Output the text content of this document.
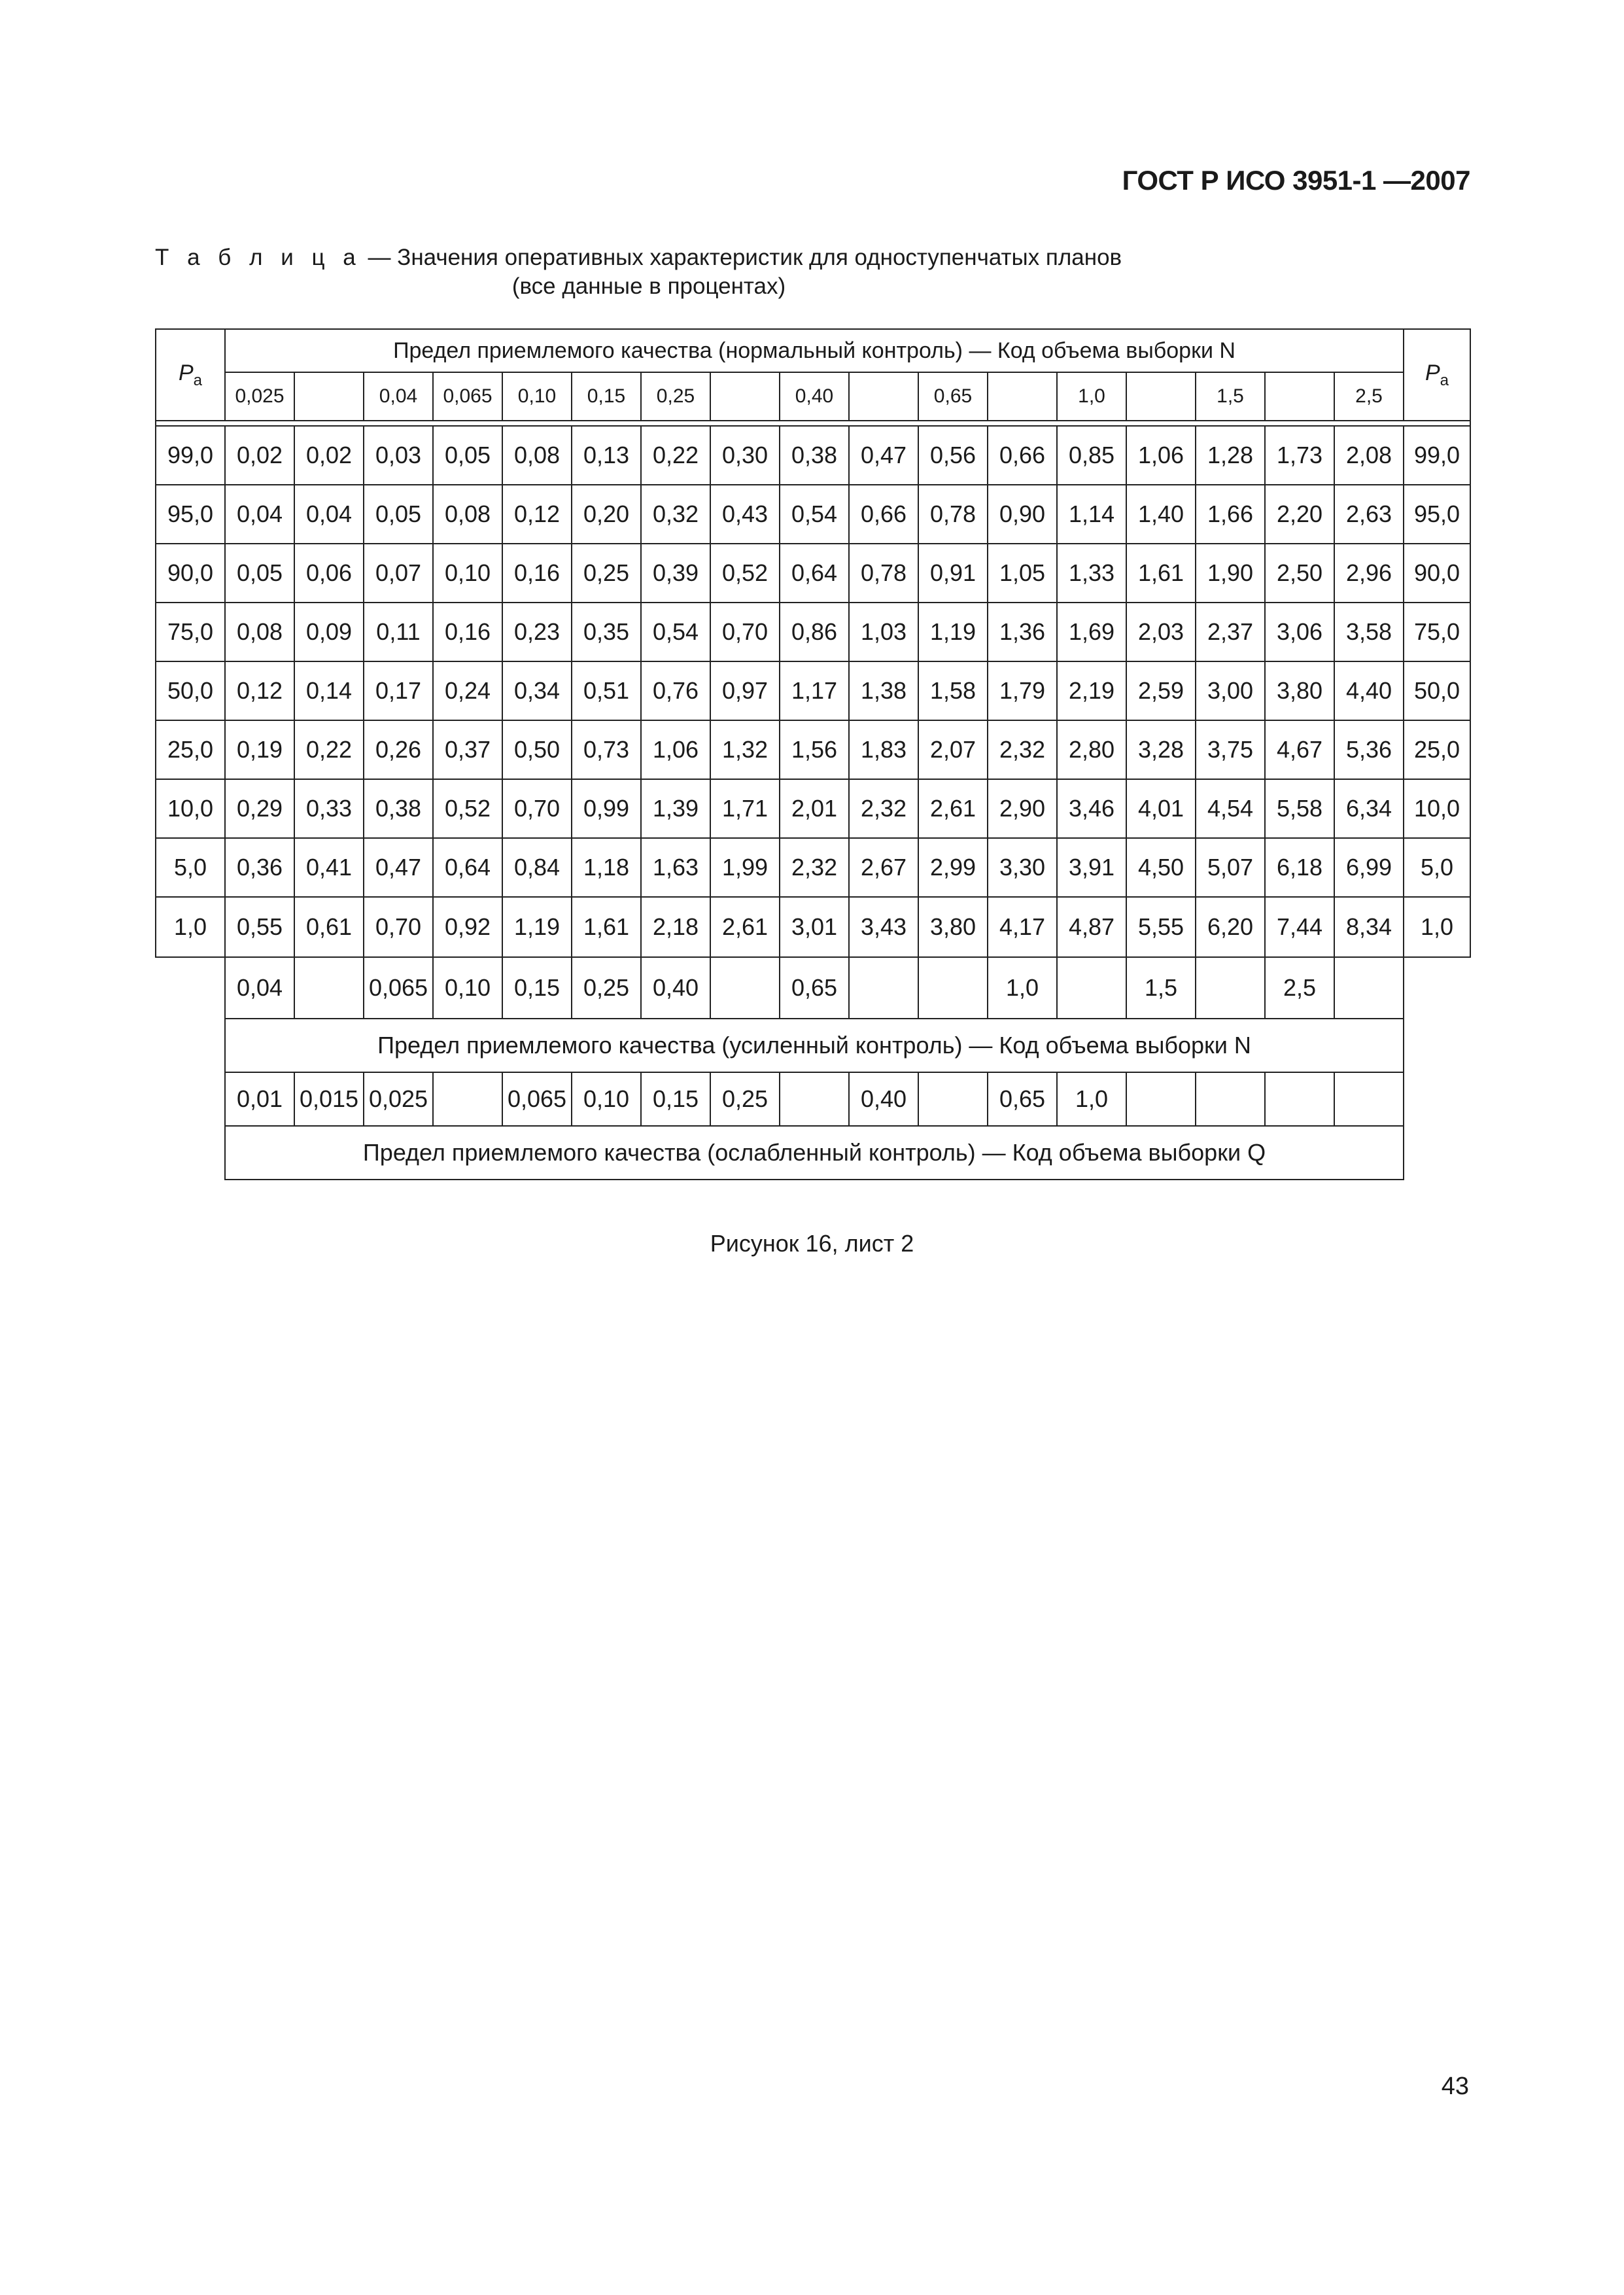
ГОСТ Р ИСО 3951-1 —2007
Т а б л и ц а — Значения оперативных характеристик для одноступенчатых планов
(все данные в процентах)
$P_a$	Предел приемлемого качества (нормальный контроль) — Код объема выборки N																	$P_a$
	0,025		0,04	0,065	0,10	0,15	0,25		0,40		0,65		1,0		1,5		2,5	

99,0	0,02	0,02	0,03	0,05	0,08	0,13	0,22	0,30	0,38	0,47	0,56	0,66	0,85	1,06	1,28	1,73	2,08	99,0
95,0	0,04	0,04	0,05	0,08	0,12	0,20	0,32	0,43	0,54	0,66	0,78	0,90	1,14	1,40	1,66	2,20	2,63	95,0
90,0	0,05	0,06	0,07	0,10	0,16	0,25	0,39	0,52	0,64	0,78	0,91	1,05	1,33	1,61	1,90	2,50	2,96	90,0
75,0	0,08	0,09	0,11	0,16	0,23	0,35	0,54	0,70	0,86	1,03	1,19	1,36	1,69	2,03	2,37	3,06	3,58	75,0
50,0	0,12	0,14	0,17	0,24	0,34	0,51	0,76	0,97	1,17	1,38	1,58	1,79	2,19	2,59	3,00	3,80	4,40	50,0
25,0	0,19	0,22	0,26	0,37	0,50	0,73	1,06	1,32	1,56	1,83	2,07	2,32	2,80	3,28	3,75	4,67	5,36	25,0
10,0	0,29	0,33	0,38	0,52	0,70	0,99	1,39	1,71	2,01	2,32	2,61	2,90	3,46	4,01	4,54	5,58	6,34	10,0
5,0	0,36	0,41	0,47	0,64	0,84	1,18	1,63	1,99	2,32	2,67	2,99	3,30	3,91	4,50	5,07	6,18	6,99	5,0
1,0	0,55	0,61	0,70	0,92	1,19	1,61	2,18	2,61	3,01	3,43	3,80	4,17	4,87	5,55	6,20	7,44	8,34	1,0
	0,04		0,065	0,10	0,15	0,25	0,40		0,65			1,0		1,5		2,5		
	Предел приемлемого качества (усиленный контроль) — Код объема выборки N																	
	0,01	0,015	0,025		0,065	0,10	0,15	0,25		0,40		0,65	1,0					
	Предел приемлемого качества (ослабленный контроль) — Код объема выборки Q																	
Рисунок 16, лист 2
43
